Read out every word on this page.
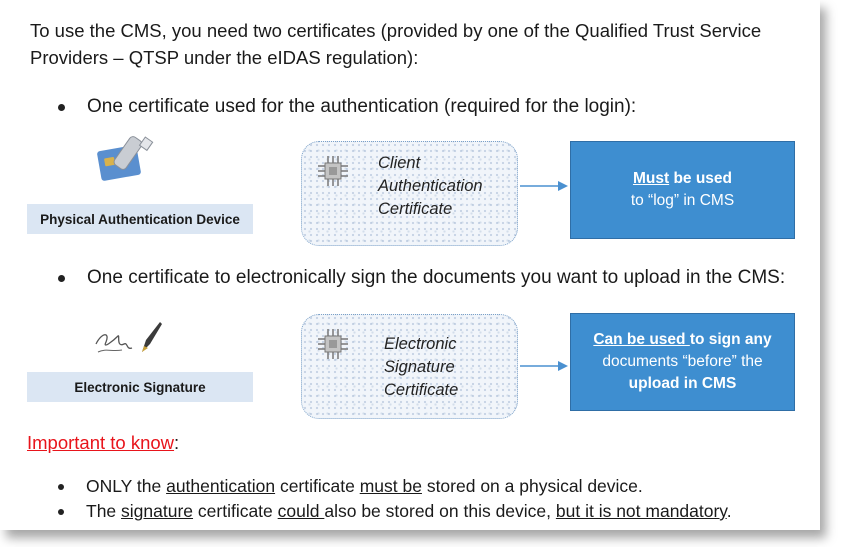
To use the CMS, you need two certificates (provided by one of the Qualified Trust Service
Providers – QTSP under the eIDAS regulation):
One certificate used for the authentication (required for the login):
Physical Authentication Device
Client
Authentication
Certificate
Must be used
to “log” in CMS
One certificate to electronically sign the documents you want to upload in the CMS:
Electronic Signature
Electronic
Signature
Certificate
Can be used to sign any
documents “before” the
upload in CMS
Important to know:
ONLY the authentication certificate must be stored on a physical device.
The signature certificate could also be stored on this device, but it is not mandatory.
